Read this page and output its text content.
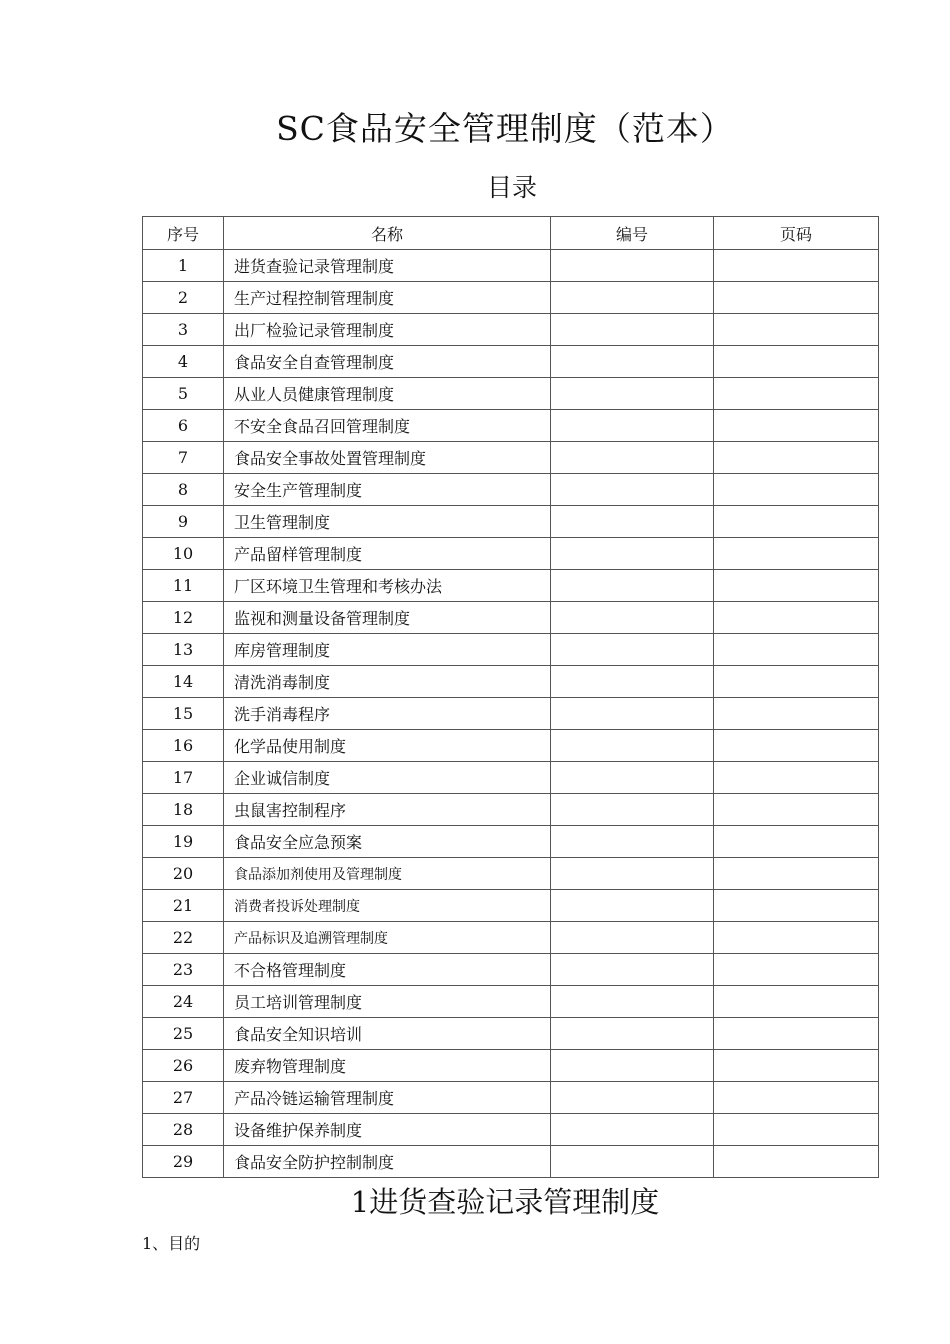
SC食品安全管理制度（范本）
目录
序号	名称	编号	页码
1	进货查验记录管理制度		
2	生产过程控制管理制度		
3	出厂检验记录管理制度		
4	食品安全自查管理制度		
5	从业人员健康管理制度		
6	不安全食品召回管理制度		
7	食品安全事故处置管理制度		
8	安全生产管理制度		
9	卫生管理制度		
10	产品留样管理制度		
11	厂区环境卫生管理和考核办法		
12	监视和测量设备管理制度		
13	库房管理制度		
14	清洗消毒制度		
15	洗手消毒程序		
16	化学品使用制度		
17	企业诚信制度		
18	虫鼠害控制程序		
19	食品安全应急预案		
20	食品添加剂使用及管理制度		
21	消费者投诉处理制度		
22	产品标识及追溯管理制度		
23	不合格管理制度		
24	员工培训管理制度		
25	食品安全知识培训		
26	废弃物管理制度		
27	产品冷链运输管理制度		
28	设备维护保养制度		
29	食品安全防护控制制度		
1进货查验记录管理制度
1、目的
